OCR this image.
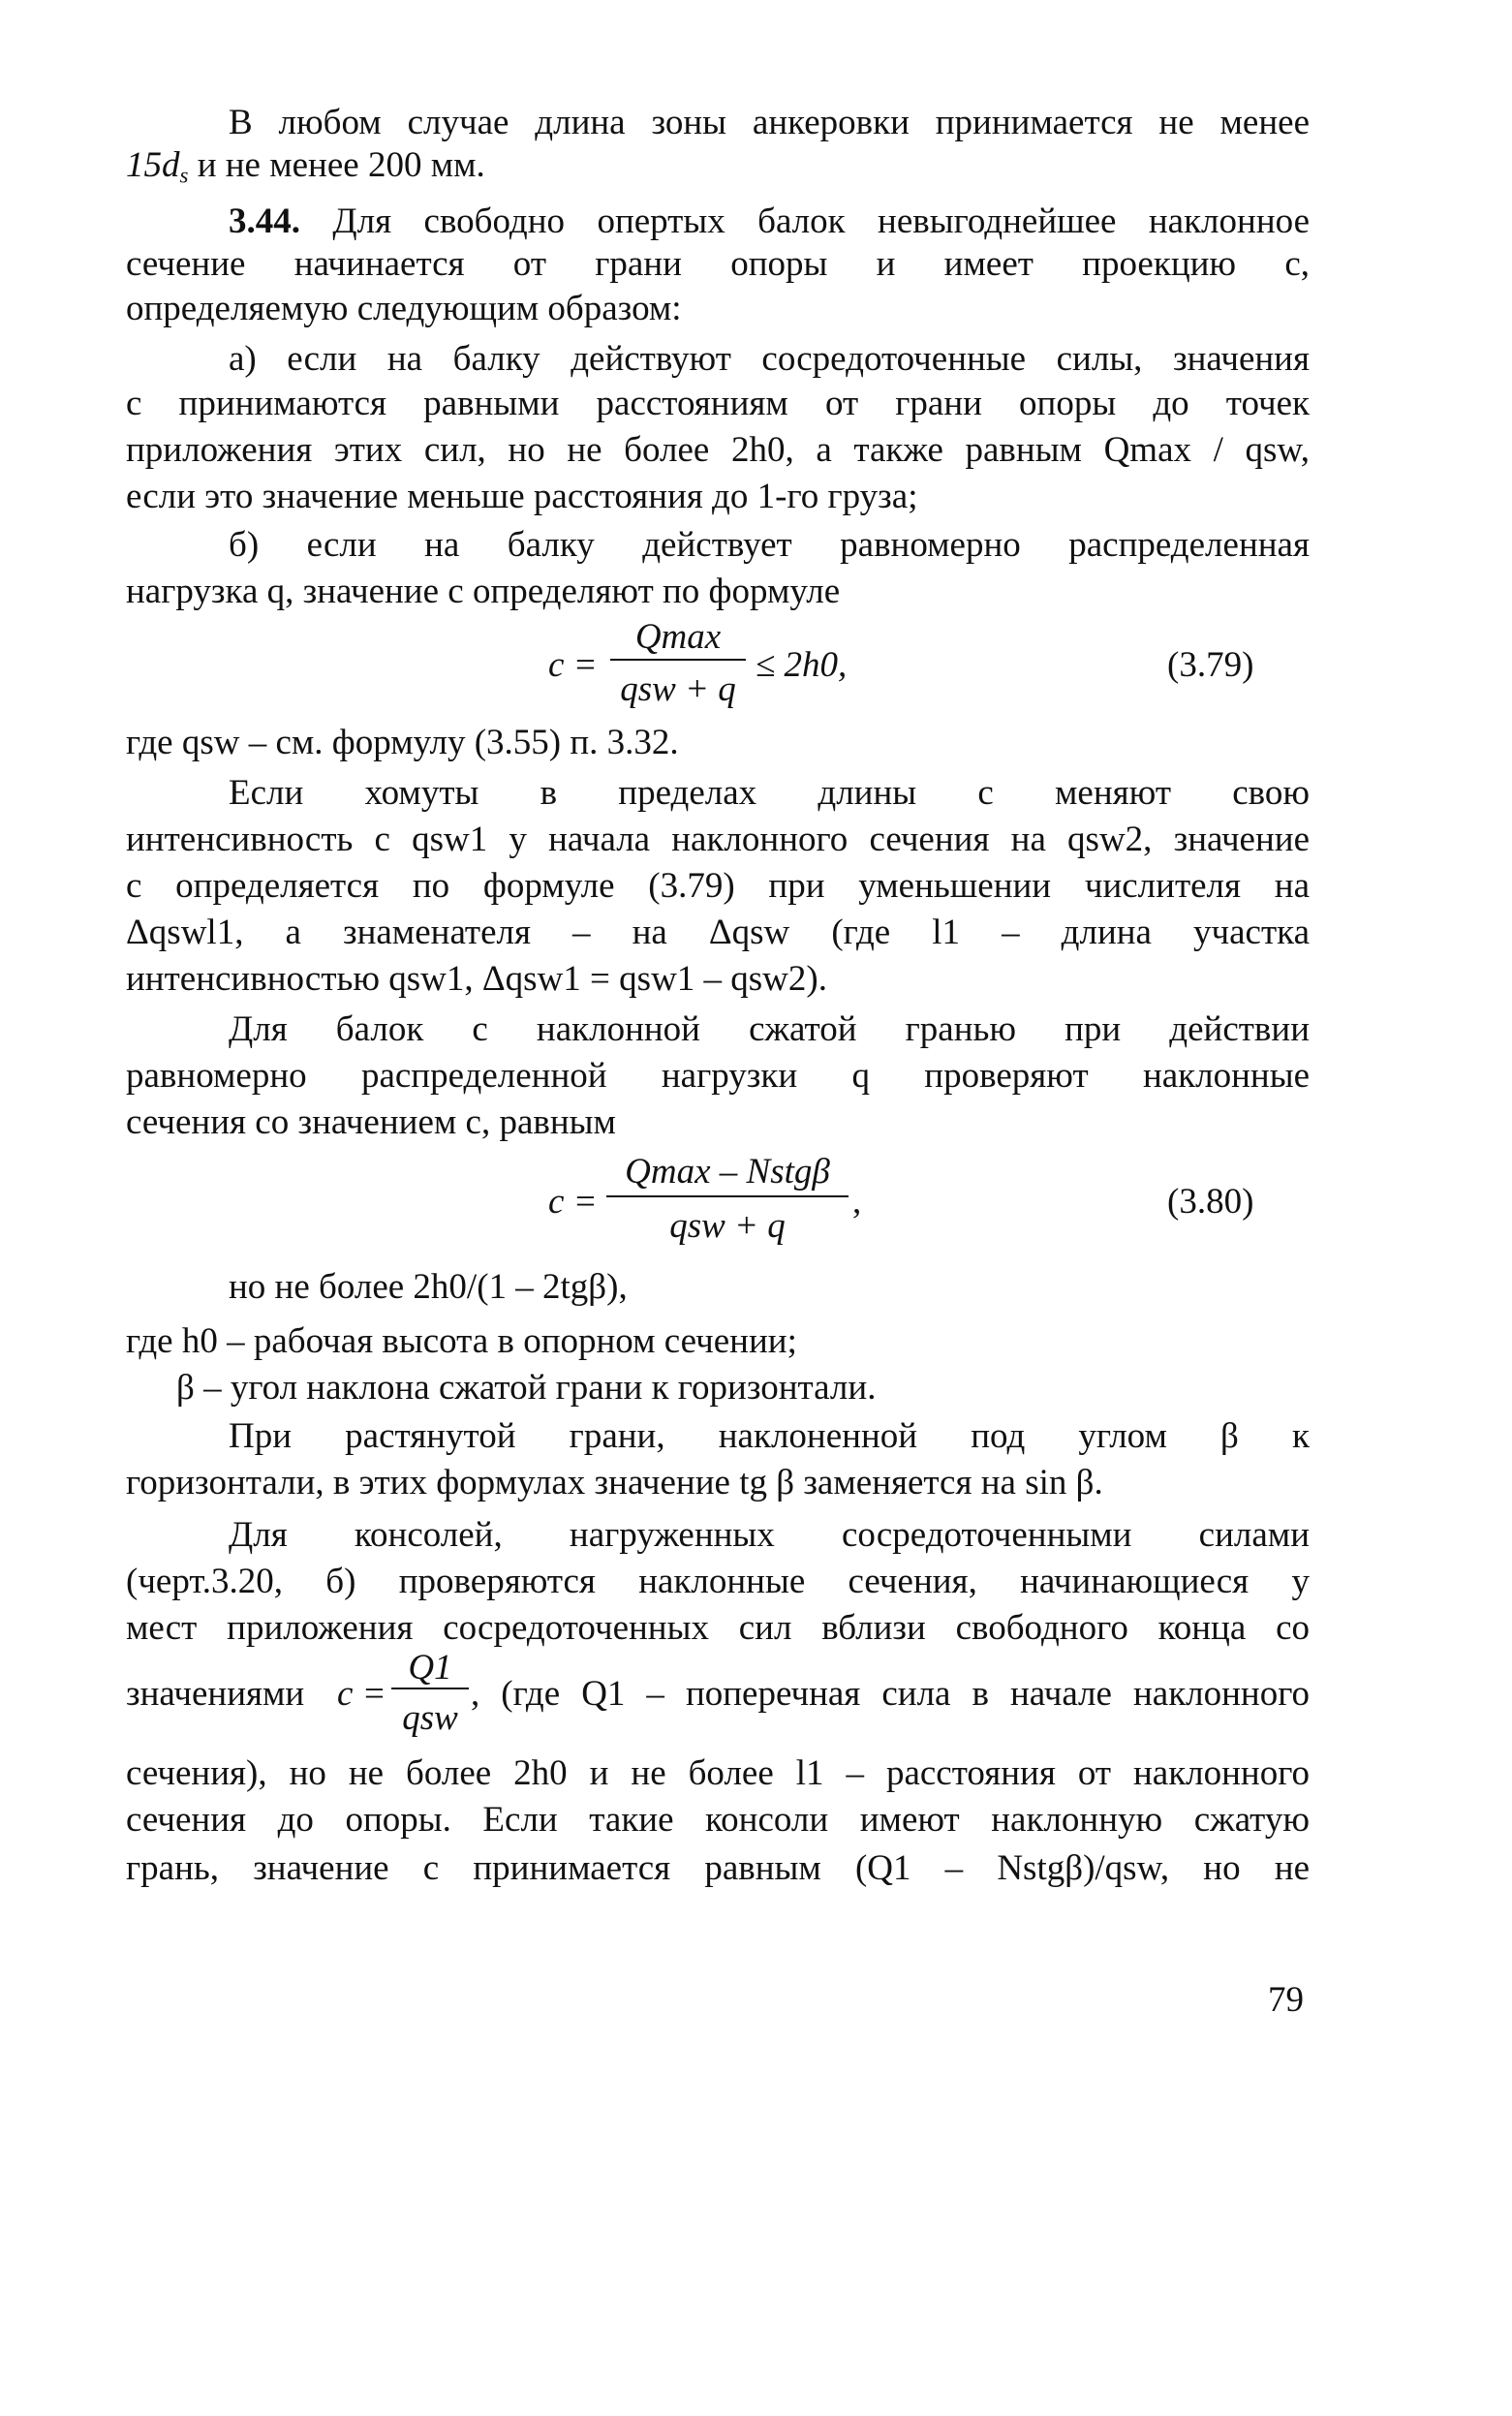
В любом случае длина зоны анкеровки принимается не менее
$15d_s$ и не менее 200 мм.
3.44. Для свободно опертых балок невыгоднейшее наклонное
сечение начинается от грани опоры и имеет проекцию c,
определяемую следующим образом:
а) если на балку действуют сосредоточенные силы, значения
c принимаются равными расстояниям от грани опоры до точек
приложения этих сил, но не более 2h0, а также равным Qmax / qsw,
если это значение меньше расстояния до 1-го груза;
б) если на балку действует равномерно распределенная
нагрузка q, значение c определяют по формуле
c =
Qmax
qsw + q
≤ 2h0,	(3.79)
где qsw – см. формулу (3.55) п. 3.32.
Если хомуты в пределах длины c меняют свою
интенсивность с qsw1 у начала наклонного сечения на qsw2, значение
c определяется по формуле (3.79) при уменьшении числителя на
Δqswl1, а знаменателя – на Δqsw (где l1 – длина участка
интенсивностью qsw1, Δqsw1 = qsw1 – qsw2).
Для балок с наклонной сжатой гранью при действии
равномерно распределенной нагрузки q проверяют наклонные
сечения со значением c, равным
c =
Qmax – Nstgβ
qsw + q
,	(3.80)
но не более 2h0/(1 – 2tgβ),
где h0 – рабочая высота в опорном сечении;
β – угол наклона сжатой грани к горизонтали.
При растянутой грани, наклоненной под углом β к
горизонтали, в этих формулах значение tg β заменяется на sin β.
Для консолей, нагруженных сосредоточенными силами
(черт.3.20, б) проверяются наклонные сечения, начинающиеся у
мест приложения сосредоточенных сил вблизи свободного конца со
значениями c =
Q1
qsw
, (где Q1 – поперечная сила в начале наклонного
сечения), но не более 2h0 и не более l1 – расстояния от наклонного
сечения до опоры. Если такие консоли имеют наклонную сжатую
грань, значение c принимается равным (Q1 – Nstgβ)/qsw, но не
79
